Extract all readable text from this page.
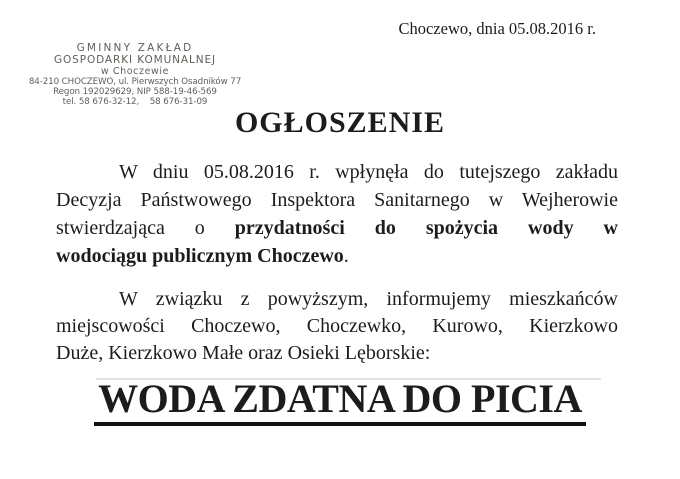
Choczewo, dnia 05.08.2016 r.
GMINNY ZAKŁAD
GOSPODARKI KOMUNALNEJ
w Choczewie
84-210 CHOCZEWO, ul. Pierwszych Osadników 77
Regon 192029629, NIP 588-19-46-569
tel. 58 676-32-12,    58 676-31-09
OGŁOSZENIE
W dniu 05.08.2016 r. wpłynęła do tutejszego zakładu
Decyzja Państwowego Inspektora Sanitarnego w Wejherowie
stwierdzająca o przydatności do spożycia wody w
wodociągu publicznym Choczewo.
W związku z powyższym, informujemy mieszkańców
miejscowości Choczewo, Choczewko, Kurowo, Kierzkowo
Duże, Kierzkowo Małe oraz Osieki Lęborskie:
WODA ZDATNA DO PICIA
